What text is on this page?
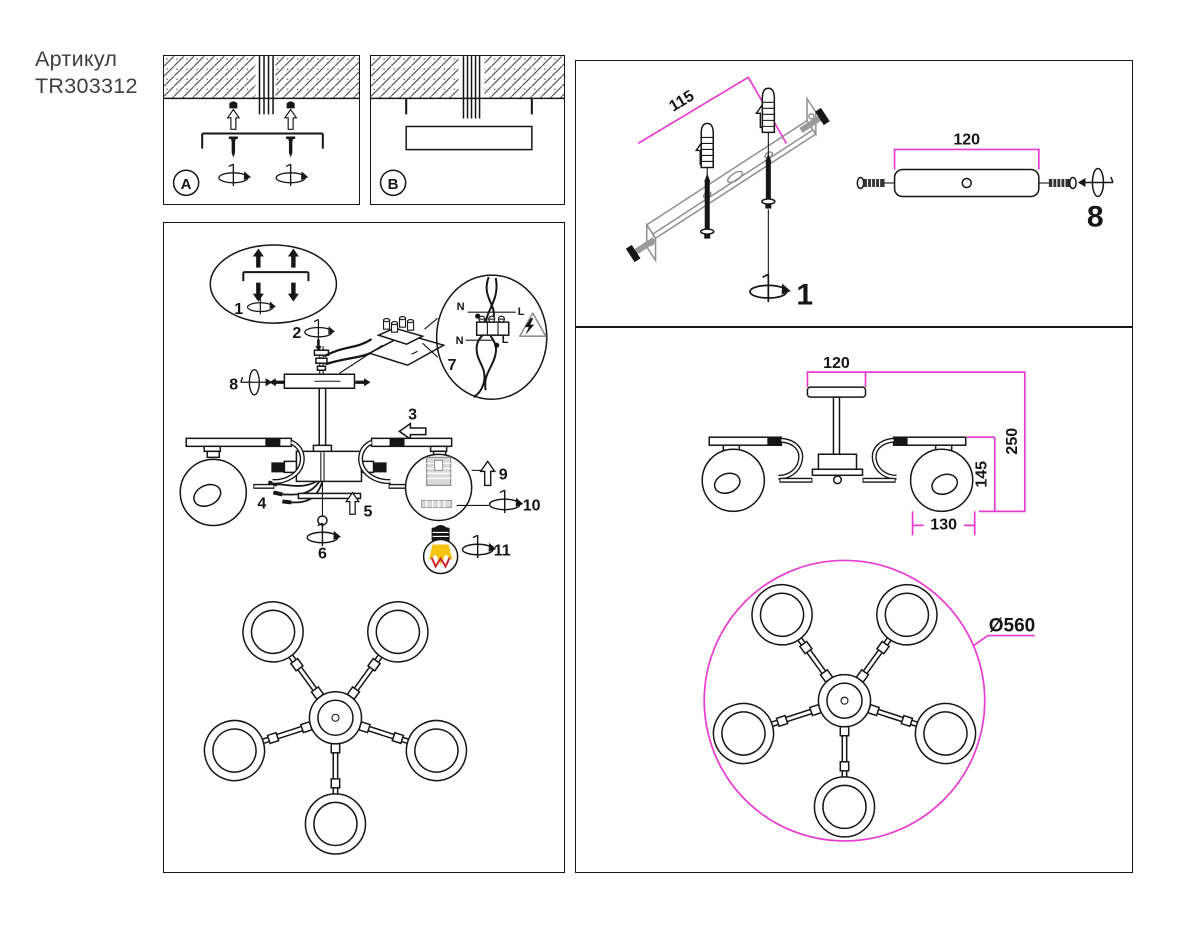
Артикул
TR303312
A	B
1
2
N	L
N	L
7
8
4
3
5
6
9
10
11
115
1
120
8
120
250
145
130
Ø560
